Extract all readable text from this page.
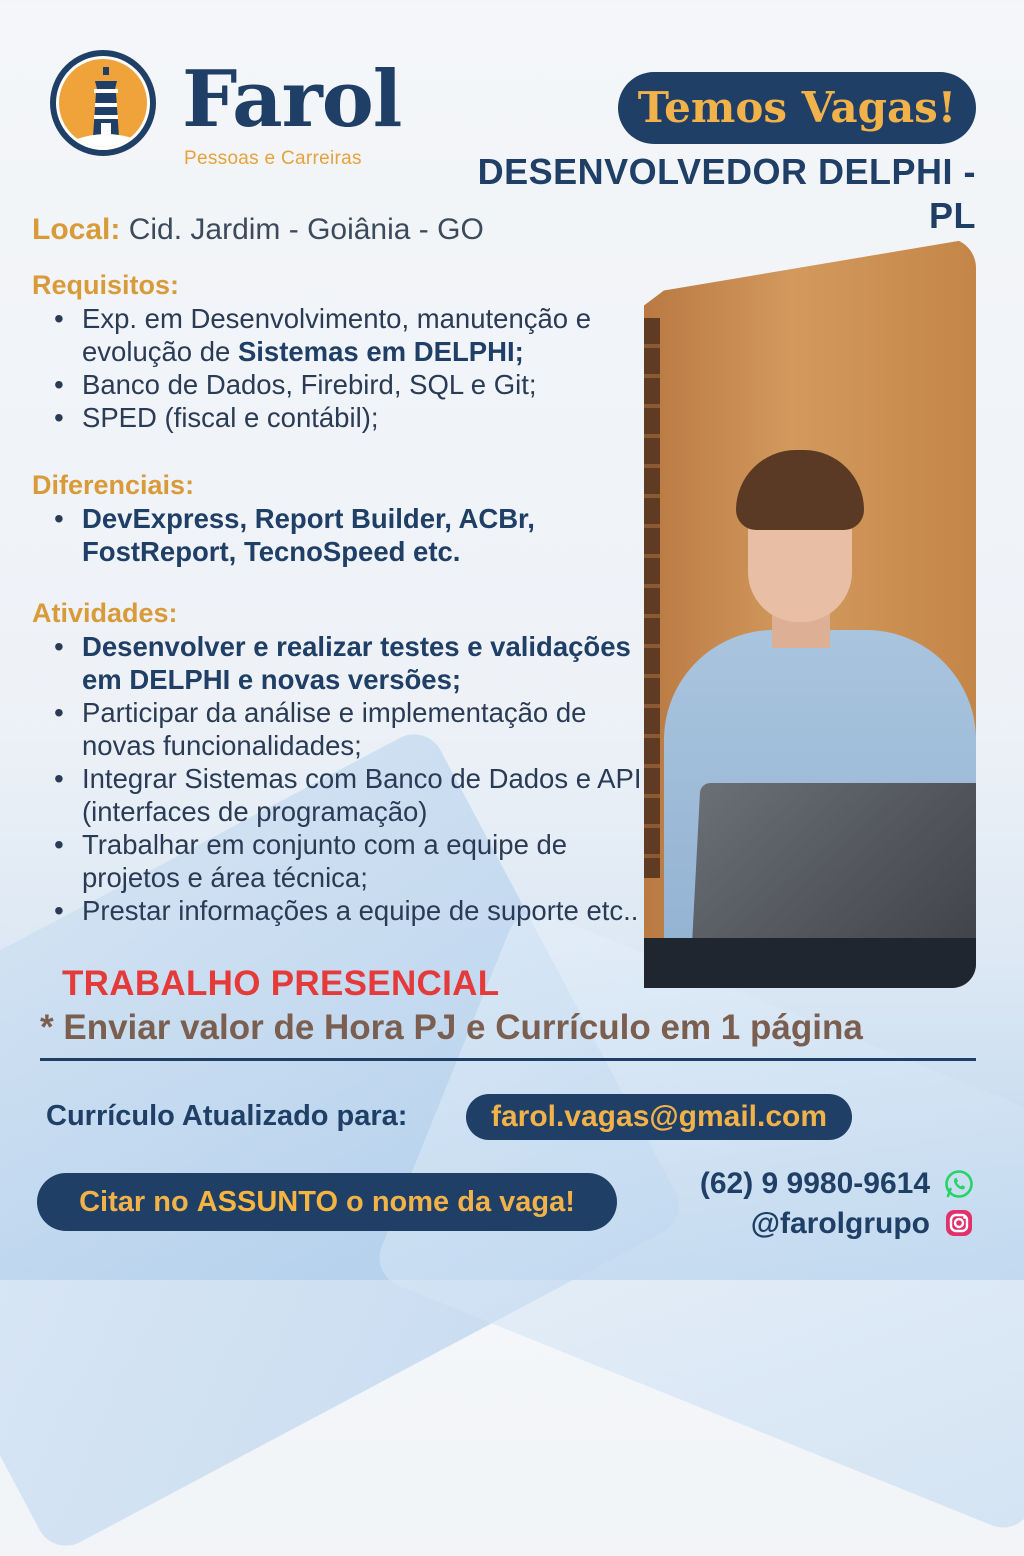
Farol
Pessoas e Carreiras
Temos Vagas!
DESENVOLVEDOR DELPHI - PL
Local: Cid. Jardim - Goiânia - GO
Requisitos:
• Exp. em Desenvolvimento, manutenção e evolução de Sistemas em DELPHI;
• Banco de Dados, Firebird, SQL e Git;
• SPED (fiscal e contábil);
Diferenciais:
• DevExpress, Report Builder, ACBr, FostReport, TecnoSpeed etc.
Atividades:
• Desenvolver e realizar testes e validações em DELPHI e novas versões;
• Participar da análise e implementação de novas funcionalidades;
• Integrar Sistemas com Banco de Dados e API (interfaces de programação)
• Trabalhar em conjunto com a equipe de projetos e área técnica;
• Prestar informações a equipe de suporte etc..
TRABALHO PRESENCIAL
* Enviar valor de Hora PJ e Currículo em 1 página
Currículo Atualizado para:	farol.vagas@gmail.com
Citar no ASSUNTO o nome da vaga!
(62) 9 9980-9614
@farolgrupo
